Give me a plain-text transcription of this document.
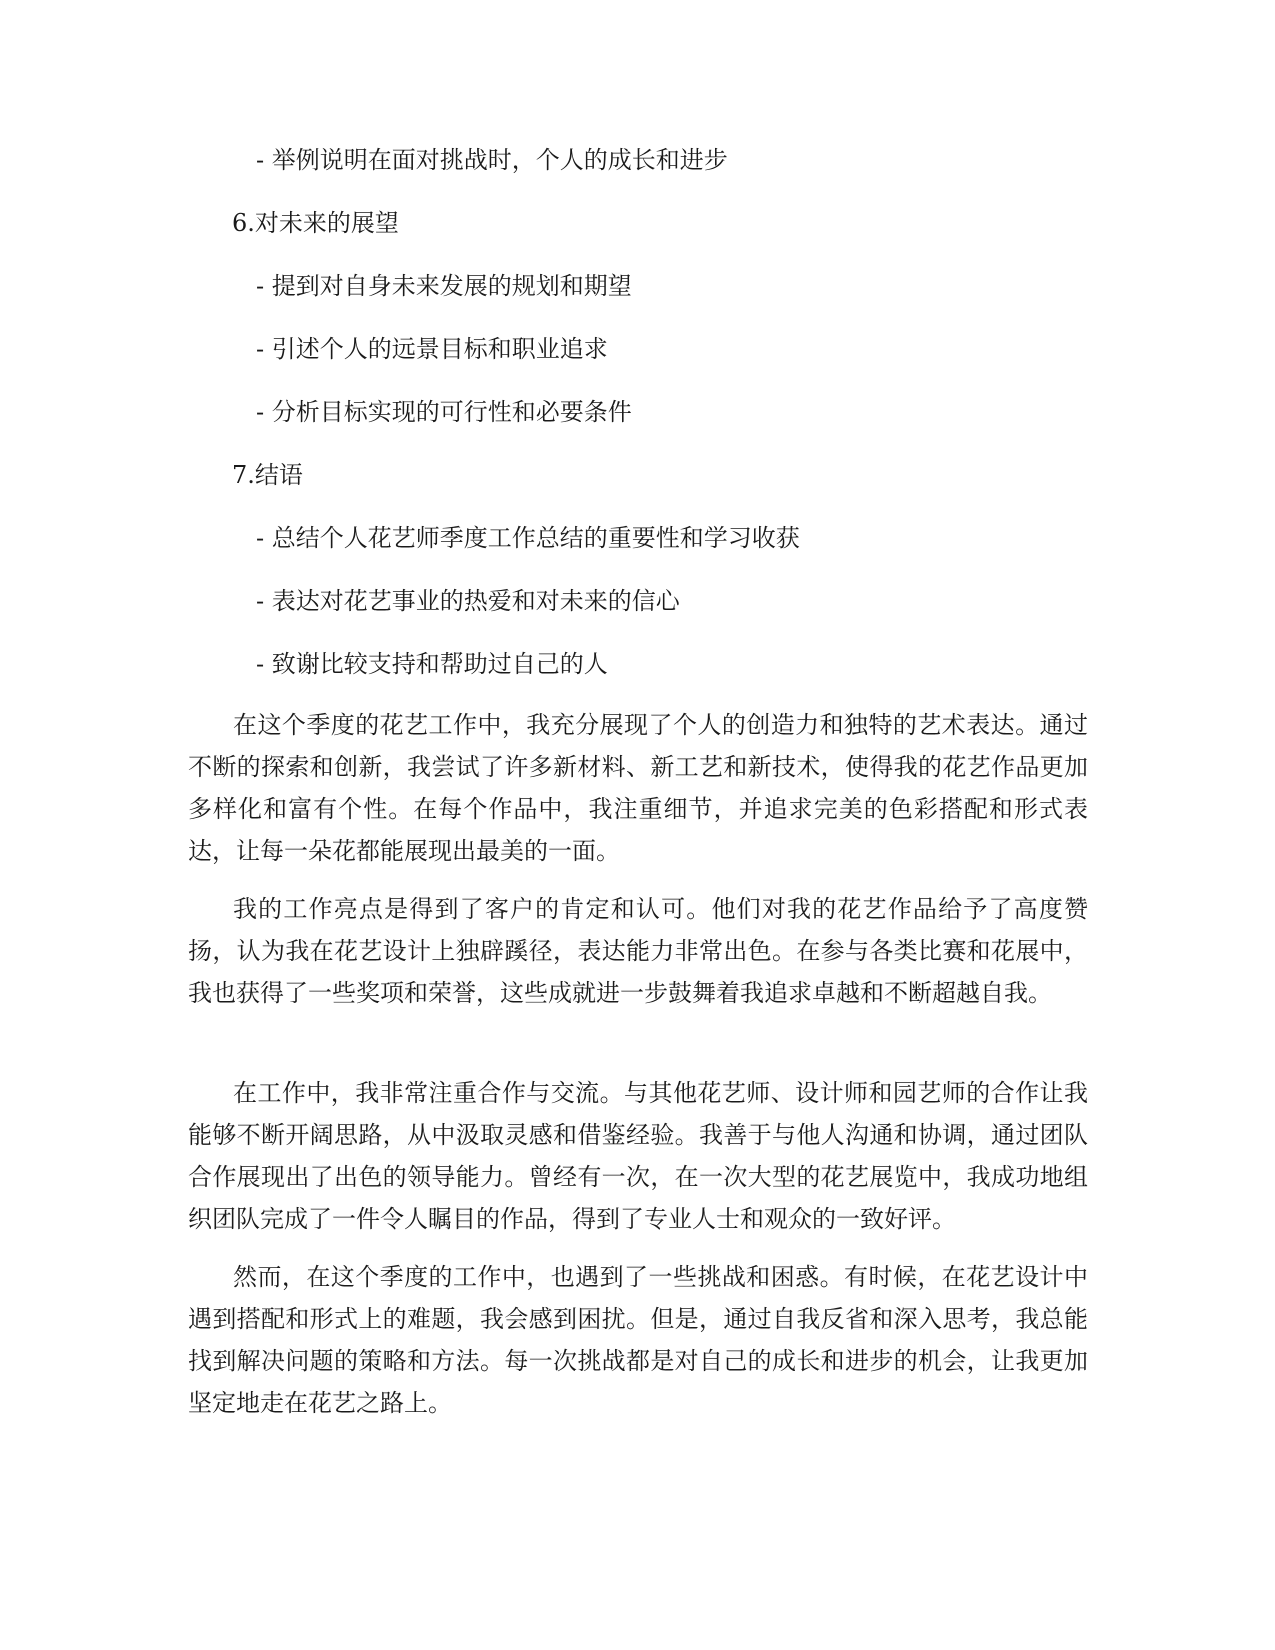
- 举例说明在面对挑战时，个人的成长和进步
6.对未来的展望
- 提到对自身未来发展的规划和期望
- 引述个人的远景目标和职业追求
- 分析目标实现的可行性和必要条件
7.结语
- 总结个人花艺师季度工作总结的重要性和学习收获
- 表达对花艺事业的热爱和对未来的信心
- 致谢比较支持和帮助过自己的人

在这个季度的花艺工作中，我充分展现了个人的创造力和独特的艺术表达。通过不断的探索和创新，我尝试了许多新材料、新工艺和新技术，使得我的花艺作品更加多样化和富有个性。在每个作品中，我注重细节，并追求完美的色彩搭配和形式表达，让每一朵花都能展现出最美的一面。

我的工作亮点是得到了客户的肯定和认可。他们对我的花艺作品给予了高度赞扬，认为我在花艺设计上独辟蹊径，表达能力非常出色。在参与各类比赛和花展中，我也获得了一些奖项和荣誉，这些成就进一步鼓舞着我追求卓越和不断超越自我。

在工作中，我非常注重合作与交流。与其他花艺师、设计师和园艺师的合作让我能够不断开阔思路，从中汲取灵感和借鉴经验。我善于与他人沟通和协调，通过团队合作展现出了出色的领导能力。曾经有一次，在一次大型的花艺展览中，我成功地组织团队完成了一件令人瞩目的作品，得到了专业人士和观众的一致好评。

然而，在这个季度的工作中，也遇到了一些挑战和困惑。有时候，在花艺设计中遇到搭配和形式上的难题，我会感到困扰。但是，通过自我反省和深入思考，我总能找到解决问题的策略和方法。每一次挑战都是对自己的成长和进步的机会，让我更加坚定地走在花艺之路上。
